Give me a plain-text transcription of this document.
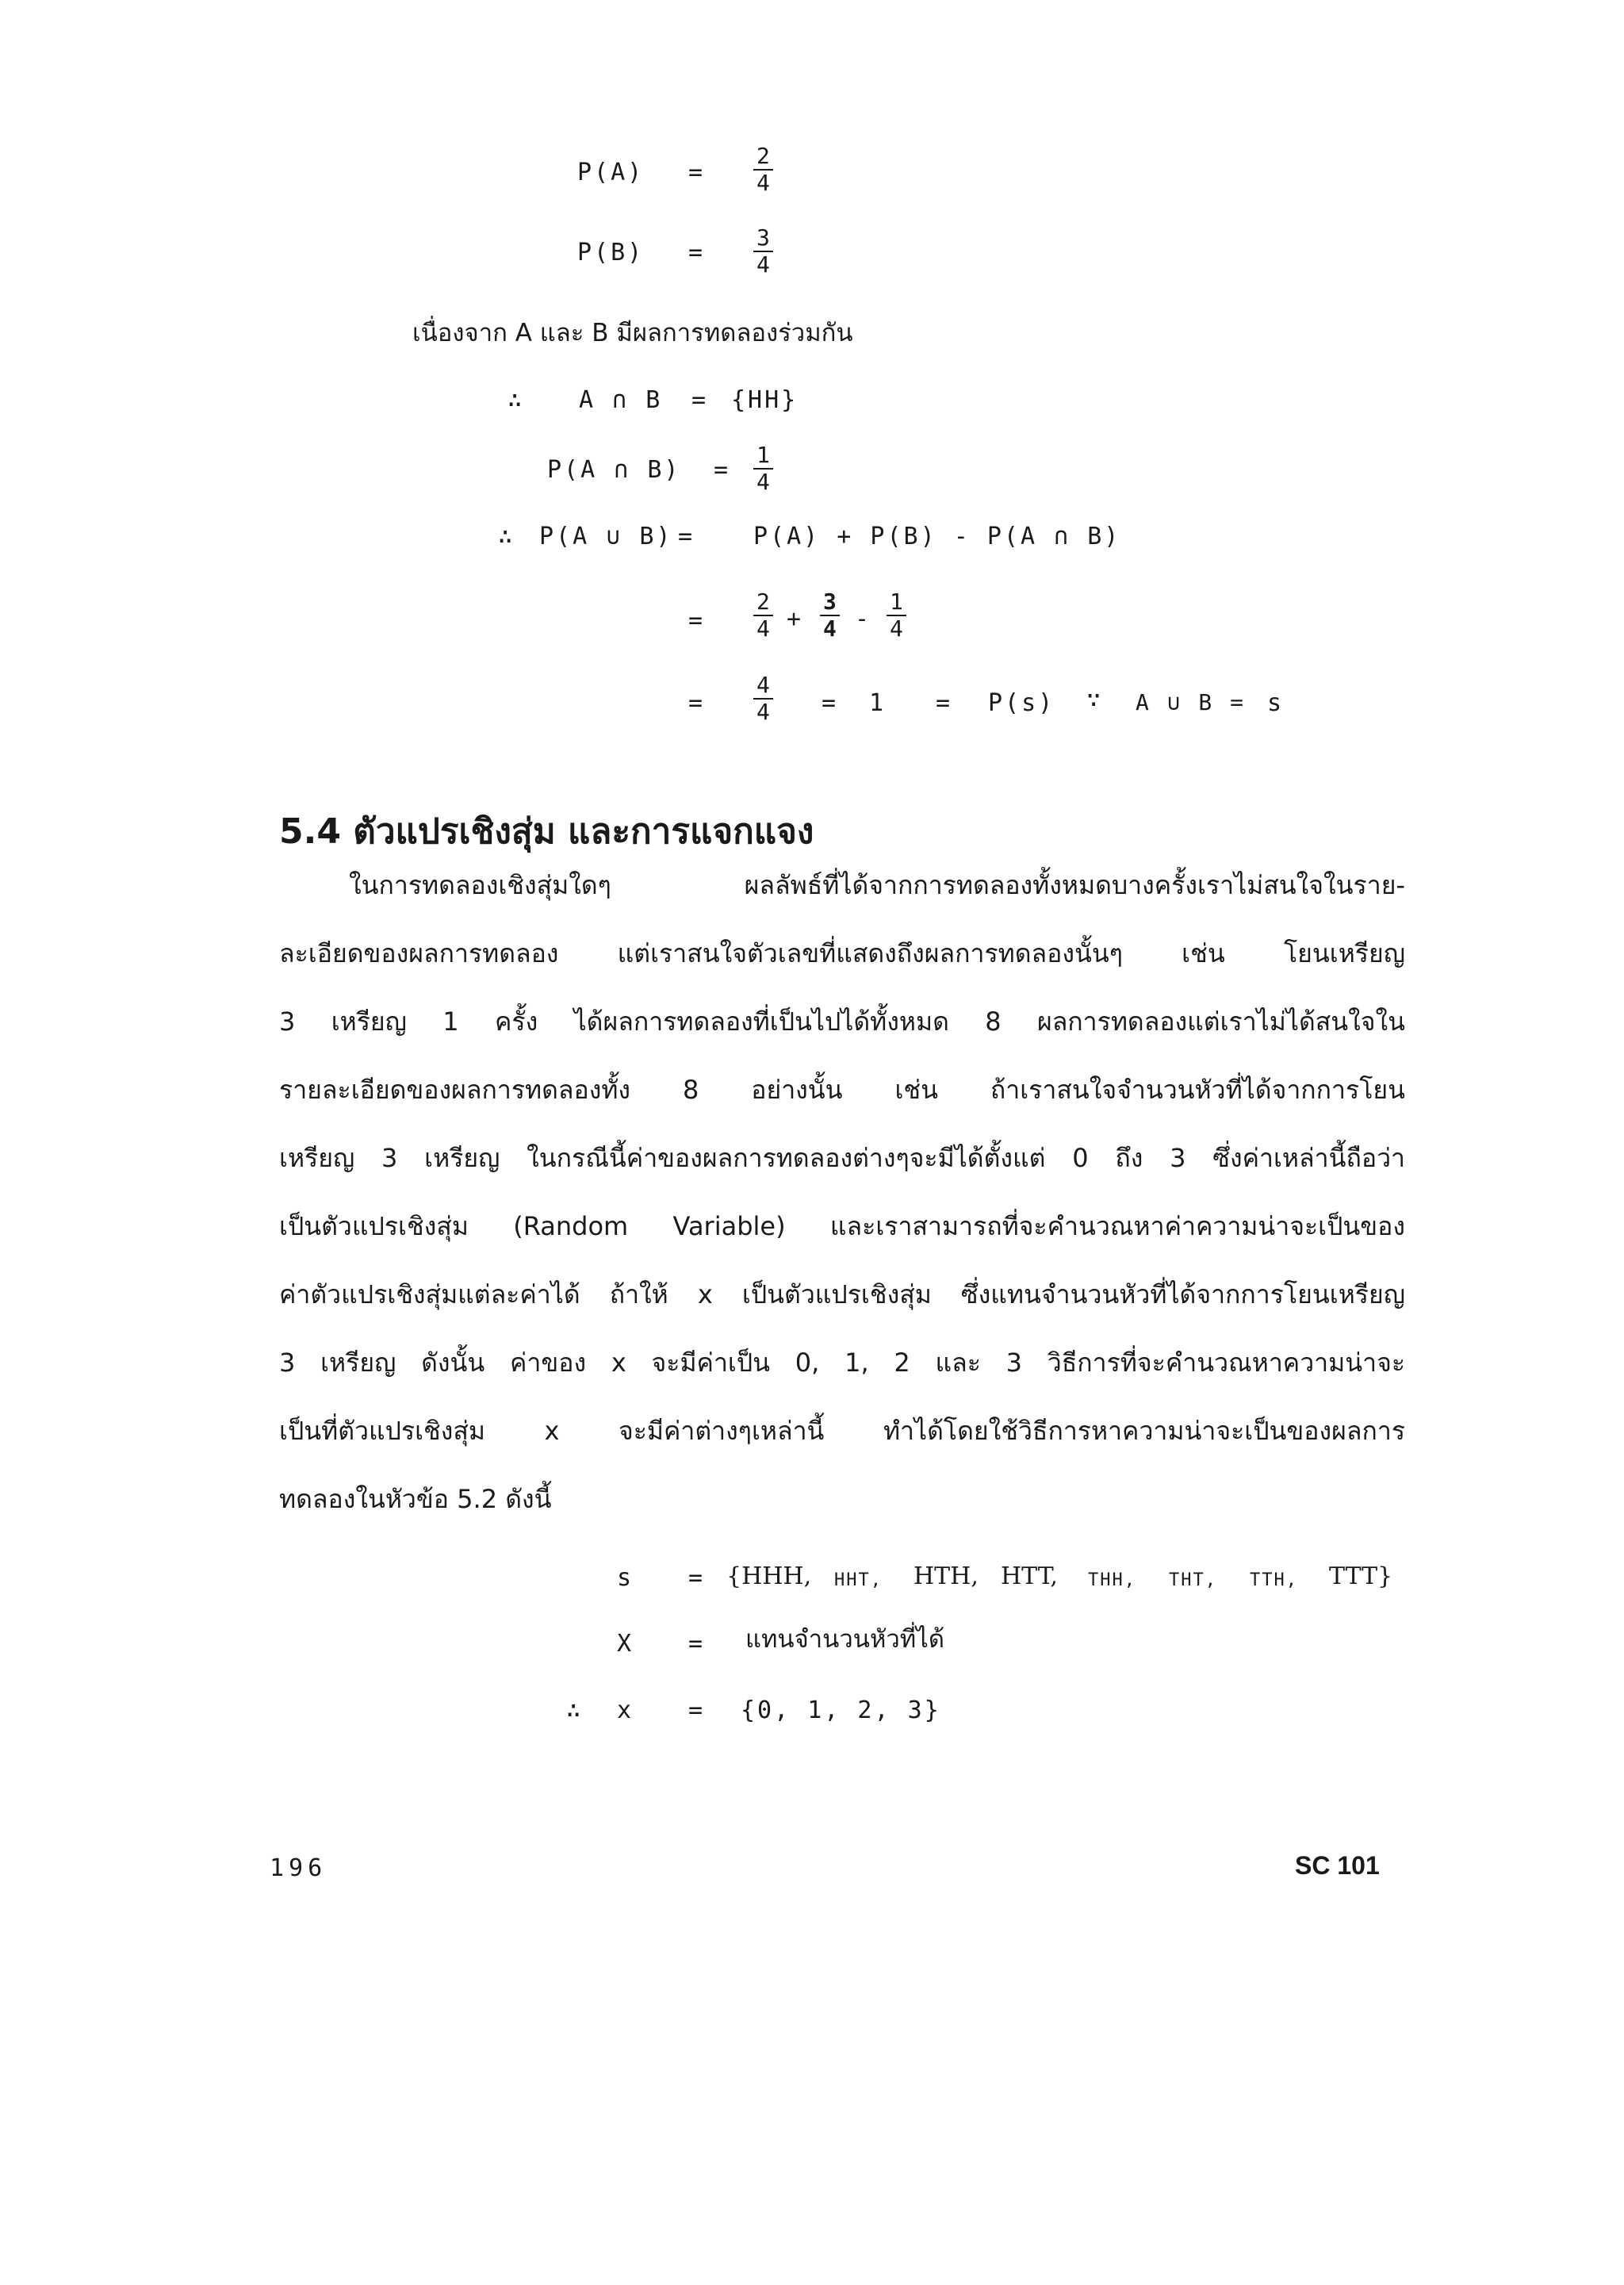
$P(A) = \frac{2}{4}$
$P(B) = \frac{3}{4}$
เนื่องจาก A และ B มีผลการทดลองร่วมกัน
∴ A ∩ B = {HH}
P(A ∩ $B) = \frac{1}{4}$
∴ P(A ∪ B) = P(A) + P(B) - P(A ∩ B)
= $\frac{2}{4} + \frac{3}{4} - \frac{1}{4}$
= $\frac{4}{4} = 1 = P(s)$ ∵ A ∪ B = s
5.4 ตัวแปรเชิงสุ่ม และการแจกแจง
ในการทดลองเชิงสุ่มใดๆ ผลลัพธ์ที่ได้จากการทดลองทั้งหมดบางครั้งเราไม่สนใจในราย-
ละเอียดของผลการทดลอง แต่เราสนใจตัวเลขที่แสดงถึงผลการทดลองนั้นๆ เช่น โยนเหรียญ
3 เหรียญ 1 ครั้ง ได้ผลการทดลองที่เป็นไปได้ทั้งหมด 8 ผลการทดลองแต่เราไม่ได้สนใจใน
รายละเอียดของผลการทดลองทั้ง 8 อย่างนั้น เช่น ถ้าเราสนใจจำนวนหัวที่ได้จากการโยน
เหรียญ 3 เหรียญ ในกรณีนี้ค่าของผลการทดลองต่างๆจะมีได้ตั้งแต่ 0 ถึง 3 ซึ่งค่าเหล่านี้ถือว่า
เป็นตัวแปรเชิงสุ่ม (Random Variable) และเราสามารถที่จะคำนวณหาค่าความน่าจะเป็นของ
ค่าตัวแปรเชิงสุ่มแต่ละค่าได้ ถ้าให้ x เป็นตัวแปรเชิงสุ่ม ซึ่งแทนจำนวนหัวที่ได้จากการโยนเหรียญ
3 เหรียญ ดังนั้น ค่าของ x จะมีค่าเป็น 0, 1, 2 และ 3 วิธีการที่จะคำนวณหาความน่าจะ
เป็นที่ตัวแปรเชิงสุ่ม x จะมีค่าต่างๆเหล่านี้ ทำได้โดยใช้วิธีการหาความน่าจะเป็นของผลการ
ทดลองในหัวข้อ 5.2 ดังนี้
s = {HHH, HHT, HTH, HTT, THH, THT, TTH, TTT}
X = แทนจำนวนหัวที่ได้
∴ x = {0, 1, 2, 3}
196	SC 101
